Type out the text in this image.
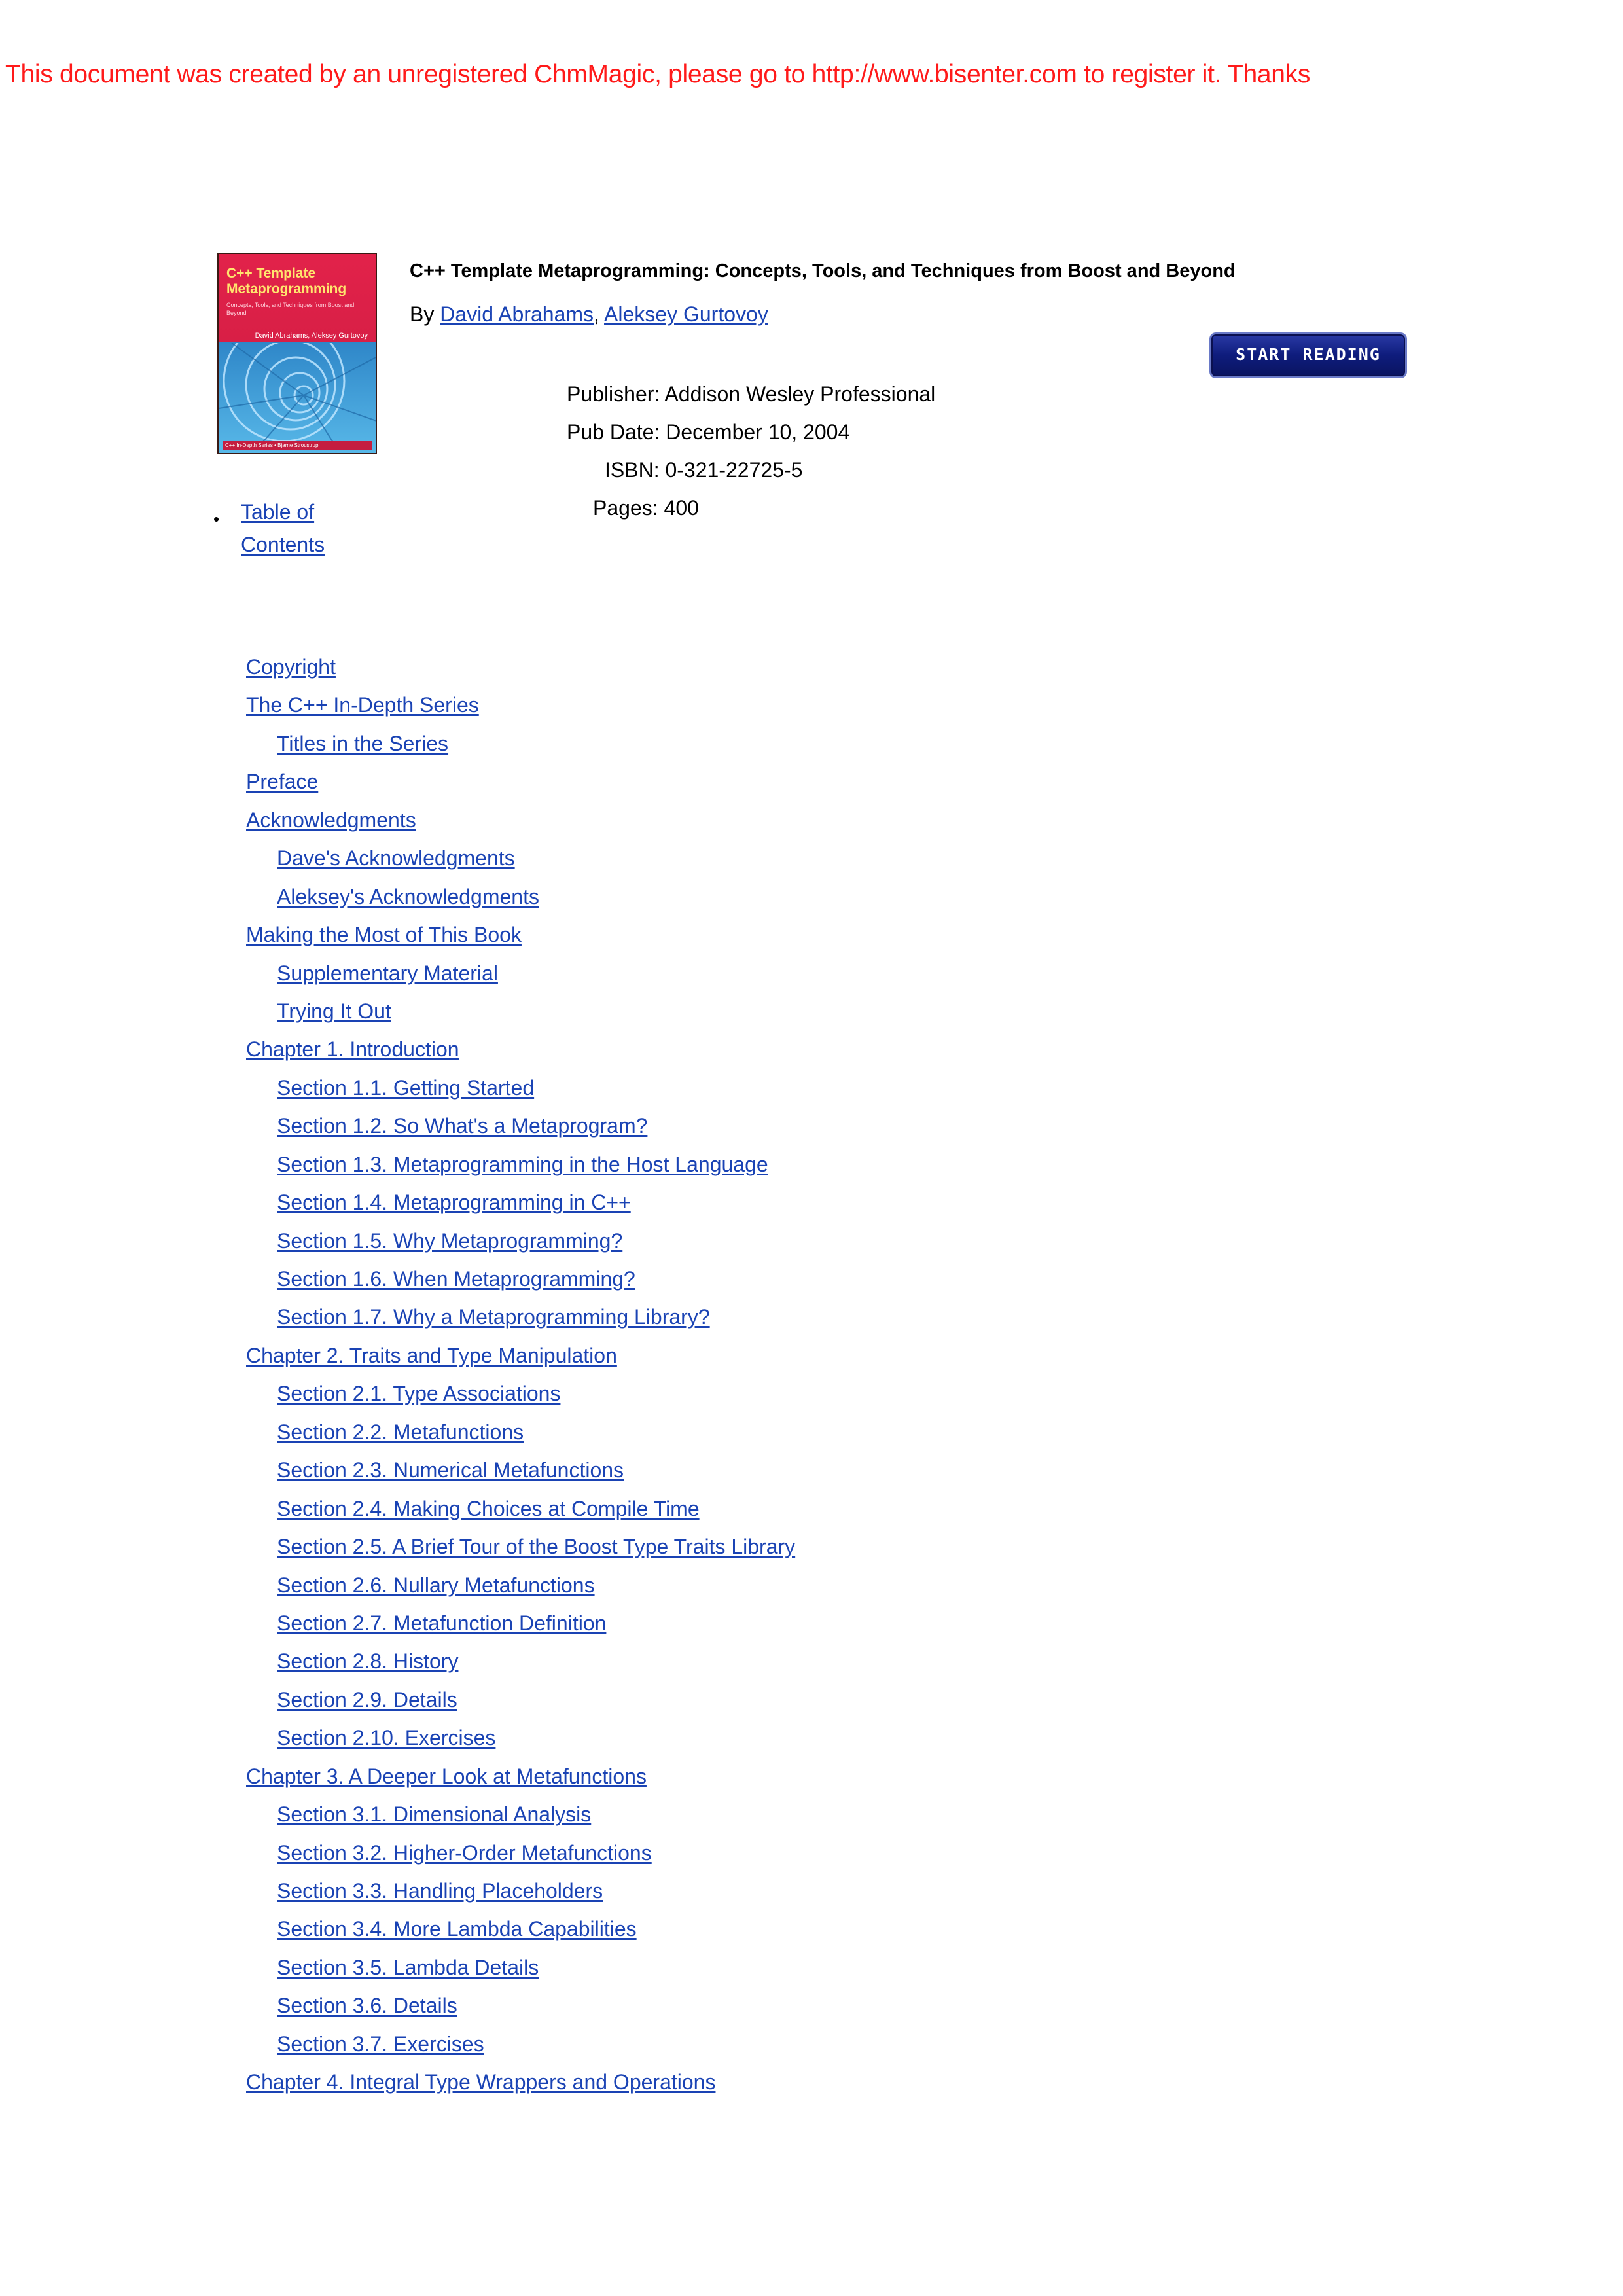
This document was created by an unregistered ChmMagic, please go to http://www.bisenter.com to register it. Thanks
C++ Template Metaprogramming
Concepts, Tools, and Techniques from Boost and Beyond
David Abrahams, Aleksey Gurtovoy
C++ In-Depth Series • Bjarne Stroustrup
C++ Template Metaprogramming: Concepts, Tools, and Techniques from Boost and Beyond
By David Abrahams, Aleksey Gurtovoy
START READING
Publisher: Addison Wesley Professional
Pub Date: December 10, 2004
ISBN: 0-321-22725-5
Pages: 400
• Table of
Contents
Copyright
The C++ In-Depth Series
Titles in the Series
Preface
Acknowledgments
Dave's Acknowledgments
Aleksey's Acknowledgments
Making the Most of This Book
Supplementary Material
Trying It Out
Chapter 1. Introduction
Section 1.1. Getting Started
Section 1.2. So What's a Metaprogram?
Section 1.3. Metaprogramming in the Host Language
Section 1.4. Metaprogramming in C++
Section 1.5. Why Metaprogramming?
Section 1.6. When Metaprogramming?
Section 1.7. Why a Metaprogramming Library?
Chapter 2. Traits and Type Manipulation
Section 2.1. Type Associations
Section 2.2. Metafunctions
Section 2.3. Numerical Metafunctions
Section 2.4. Making Choices at Compile Time
Section 2.5. A Brief Tour of the Boost Type Traits Library
Section 2.6. Nullary Metafunctions
Section 2.7. Metafunction Definition
Section 2.8. History
Section 2.9. Details
Section 2.10. Exercises
Chapter 3. A Deeper Look at Metafunctions
Section 3.1. Dimensional Analysis
Section 3.2. Higher-Order Metafunctions
Section 3.3. Handling Placeholders
Section 3.4. More Lambda Capabilities
Section 3.5. Lambda Details
Section 3.6. Details
Section 3.7. Exercises
Chapter 4. Integral Type Wrappers and Operations
